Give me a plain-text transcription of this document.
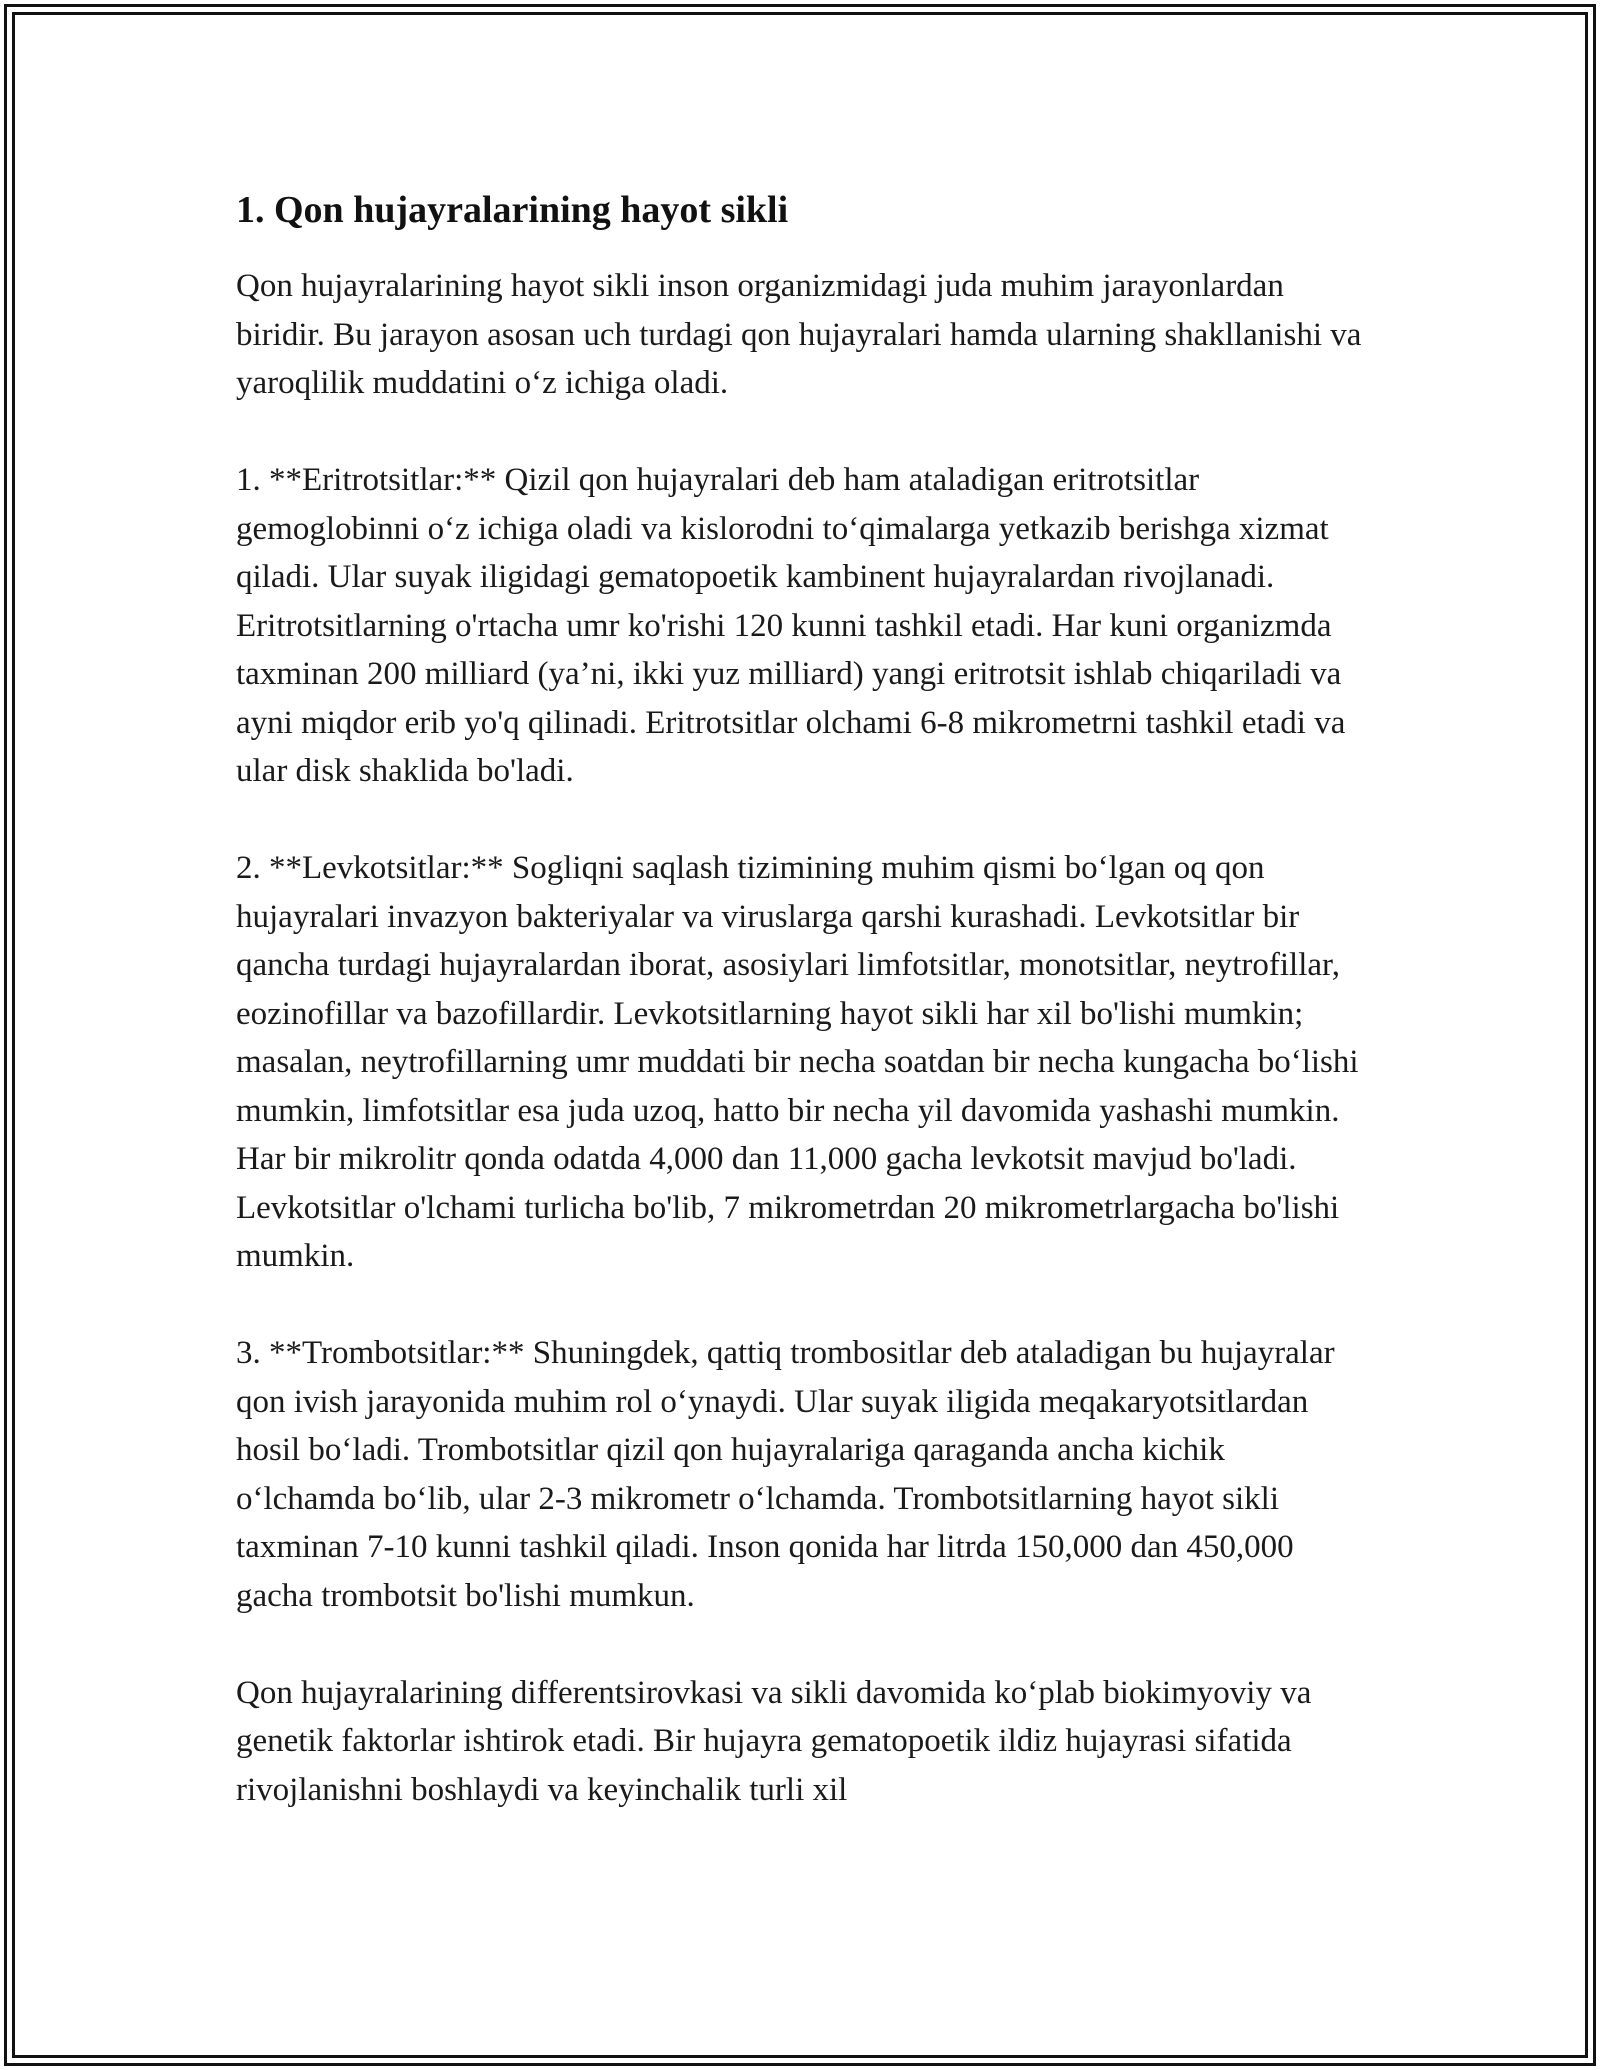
1. Qon hujayralarining hayot sikli

Qon hujayralarining hayot sikli inson organizmidagi juda muhim jarayonlardan biridir. Bu jarayon asosan uch turdagi qon hujayralari hamda ularning shakllanishi va yaroqlilik muddatini o‘z ichiga oladi.

1. **Eritrotsitlar:** Qizil qon hujayralari deb ham ataladigan eritrotsitlar gemoglobinni o‘z ichiga oladi va kislorodni to‘qimalarga yetkazib berishga xizmat qiladi. Ular suyak iligidagi gematopoetik kambinent hujayralardan rivojlanadi. Eritrotsitlarning o'rtacha umr ko'rishi 120 kunni tashkil etadi. Har kuni organizmda taxminan 200 milliard (ya’ni, ikki yuz milliard) yangi eritrotsit ishlab chiqariladi va ayni miqdor erib yo'q qilinadi. Eritrotsitlar olchami 6-8 mikrometrni tashkil etadi va ular disk shaklida bo'ladi.

2. **Levkotsitlar:** Sogliqni saqlash tizimining muhim qismi bo‘lgan oq qon hujayralari invazyon bakteriyalar va viruslarga qarshi kurashadi. Levkotsitlar bir qancha turdagi hujayralardan iborat, asosiylari limfotsitlar, monotsitlar, neytrofillar, eozinofillar va bazofillardir. Levkotsitlarning hayot sikli har xil bo'lishi mumkin; masalan, neytrofillarning umr muddati bir necha soatdan bir necha kungacha bo‘lishi mumkin, limfotsitlar esa juda uzoq, hatto bir necha yil davomida yashashi mumkin. Har bir mikrolitr qonda odatda 4,000 dan 11,000 gacha levkotsit mavjud bo'ladi. Levkotsitlar o'lchami turlicha bo'lib, 7 mikrometrdan 20 mikrometrlargacha bo'lishi mumkin.

3. **Trombotsitlar:** Shuningdek, qattiq trombositlar deb ataladigan bu hujayralar qon ivish jarayonida muhim rol o‘ynaydi. Ular suyak iligida meqakaryotsitlardan hosil bo‘ladi. Trombotsitlar qizil qon hujayralariga qaraganda ancha kichik o‘lchamda bo‘lib, ular 2-3 mikrometr o‘lchamda. Trombotsitlarning hayot sikli taxminan 7-10 kunni tashkil qiladi. Inson qonida har litrda 150,000 dan 450,000 gacha trombotsit bo'lishi mumkun.

Qon hujayralarining differentsirovkasi va sikli davomida ko‘plab biokimyoviy va genetik faktorlar ishtirok etadi. Bir hujayra gematopoetik ildiz hujayrasi sifatida rivojlanishni boshlaydi va keyinchalik turli xil
